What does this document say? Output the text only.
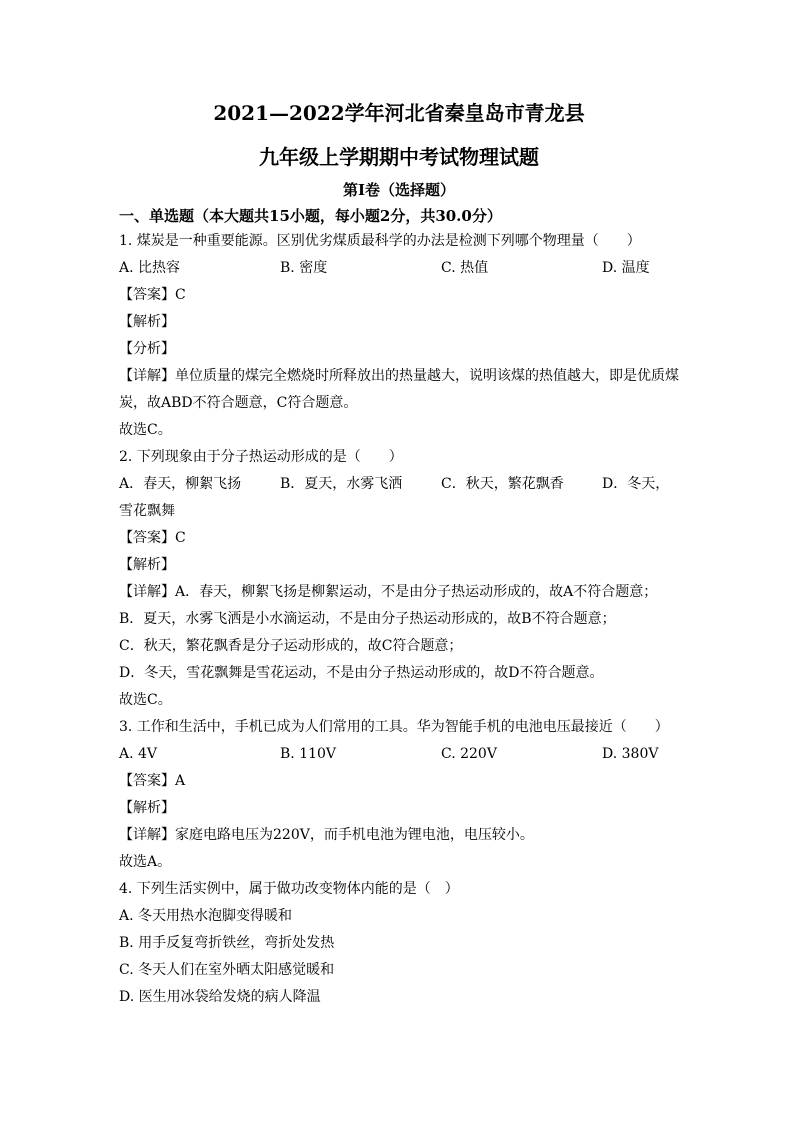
2021—2022学年河北省秦皇岛市青龙县
九年级上学期期中考试物理试题
第I卷（选择题）
一、单选题（本大题共15小题，每小题2分，共30.0分）
1. 煤炭是一种重要能源。区别优劣煤质最科学的办法是检测下列哪个物理量（　　）
A. 比热容	B. 密度	C. 热值	D. 温度
【答案】C
【解析】
【分析】
【详解】单位质量的煤完全燃烧时所释放出的热量越大，说明该煤的热值越大，即是优质煤炭，故ABD不符合题意，C符合题意。
故选C。
2. 下列现象由于分子热运动形成的是（　　）
A．春天，柳絮飞扬	B．夏天，水雾飞洒	C．秋天，繁花飘香	D．冬天，
雪花飘舞
【答案】C
【解析】
【详解】A．春天，柳絮飞扬是柳絮运动，不是由分子热运动形成的，故A不符合题意；
B．夏天，水雾飞洒是小水滴运动，不是由分子热运动形成的，故B不符合题意；
C．秋天，繁花飘香是分子运动形成的，故C符合题意；
D．冬天，雪花飘舞是雪花运动，不是由分子热运动形成的，故D不符合题意。
故选C。
3. 工作和生活中，手机已成为人们常用的工具。华为智能手机的电池电压最接近（　　）
A. 4V	B. 110V	C. 220V	D. 380V
【答案】A
【解析】
【详解】家庭电路电压为220V，而手机电池为锂电池，电压较小。
故选A。
4. 下列生活实例中，属于做功改变物体内能的是（　）
A. 冬天用热水泡脚变得暖和
B. 用手反复弯折铁丝，弯折处发热
C. 冬天人们在室外晒太阳感觉暖和
D. 医生用冰袋给发烧的病人降温
